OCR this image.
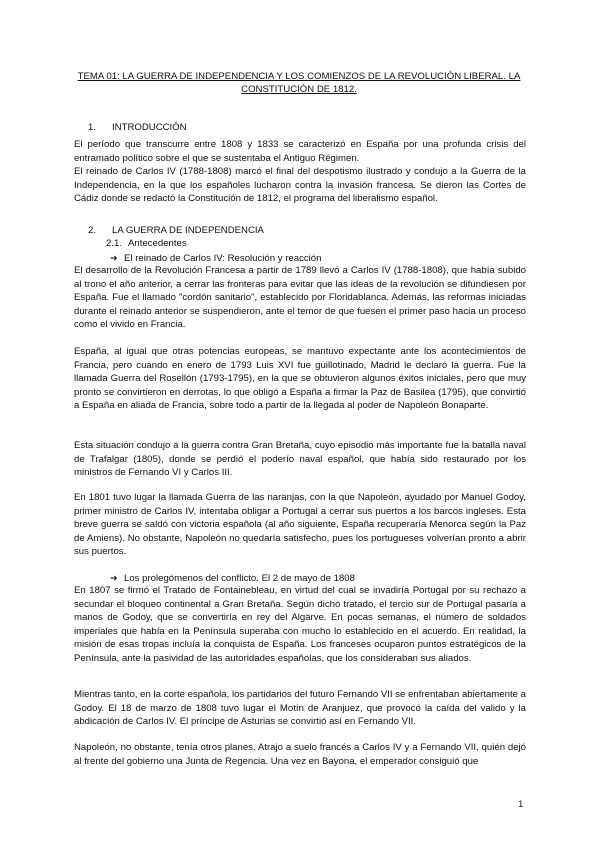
TEMA 01: LA GUERRA DE INDEPENDENCIA Y LOS COMIENZOS DE LA REVOLUCIÓN LIBERAL. LA CONSTITUCIÓN DE 1812.
1. INTRODUCCIÓN
El período que transcurre entre 1808 y 1833 se caracterizó en España por una profunda crisis del entramado político sobre el que se sustentaba el Antiguo Régimen.
El reinado de Carlos IV (1788-1808) marcó el final del despotismo ilustrado y condujo a la Guerra de la Independencia, en la que los españoles lucharon contra la invasión francesa. Se dieron las Cortes de Cádiz donde se redactó la Constitución de 1812, el programa del liberalismo español.
2. LA GUERRA DE INDEPENDENCIA
2.1. Antecedentes
➔ El reinado de Carlos IV: Resolución y reacción
El desarrollo de la Revolución Francesa a partir de 1789 llevó a Carlos IV (1788-1808), que había subido al trono el año anterior, a cerrar las fronteras para evitar que las ideas de la revolución se difundiesen por España. Fue el llamado "cordón sanitario", establecido por Floridablanca. Además, las reformas iniciadas durante el reinado anterior se suspendieron, ante el temor de que fuesen el primer paso hacia un proceso como el vivido en Francia.
España, al igual que otras potencias europeas, se mantuvo expectante ante los acontecimientos de Francia, pero cuando en enero de 1793 Luis XVI fue guillotinado, Madrid le declaró la guerra. Fue la llamada Guerra del Rosellón (1793-1795), en la que se obtuvieron algunos éxitos iniciales, pero que muy pronto se convirtieron en derrotas, lo que obligó a España a firmar la Paz de Basilea (1795), que convirtió a España en aliada de Francia, sobre todo a partir de la llegada al poder de Napoleón Bonaparte.
Esta situación condujo a la guerra contra Gran Bretaña, cuyo episodio más importante fue la batalla naval de Trafalgar (1805), donde se perdió el poderío naval español, que había sido restaurado por los ministros de Fernando VI y Carlos III.
En 1801 tuvo lugar la llamada Guerra de las naranjas, con la que Napoleón, ayudado por Manuel Godoy, primer ministro de Carlos IV, intentaba obligar a Portugal a cerrar sus puertos a los barcos ingleses. Esta breve guerra se saldó con victoria española (al año siguiente, España recuperaría Menorca según la Paz de Amiens). No obstante, Napoleón no quedaría satisfecho, pues los portugueses volverían pronto a abrir sus puertos.
➔ Los prolegómenos del conflicto. El 2 de mayo de 1808
En 1807 se firmó el Tratado de Fontainebleau, en virtud del cual se invadiría Portugal por su rechazo a secundar el bloqueo continental a Gran Bretaña. Según dicho tratado, el tercio sur de Portugal pasaría a manos de Godoy, que se convertiría en rey del Algarve. En pocas semanas, el número de soldados imperiales que había en la Península superaba con mucho lo establecido en el acuerdo. En realidad, la misión de esas tropas incluía la conquista de España. Los franceses ocuparon puntos estratégicos de la Península, ante la pasividad de las autoridades españolas, que los consideraban sus aliados.
Mientras tanto, en la corte española, los partidarios del futuro Fernando VII se enfrentaban abiertamente a Godoy. El 18 de marzo de 1808 tuvo lugar el Motín de Aranjuez, que provocó la caída del valido y la abdicación de Carlos IV. El príncipe de Asturias se convirtió así en Fernando VII.
Napoleón, no obstante, tenía otros planes. Atrajo a suelo francés a Carlos IV y a Fernando VII, quién dejó al frente del gobierno una Junta de Regencia. Una vez en Bayona, el emperador consiguió que
1
